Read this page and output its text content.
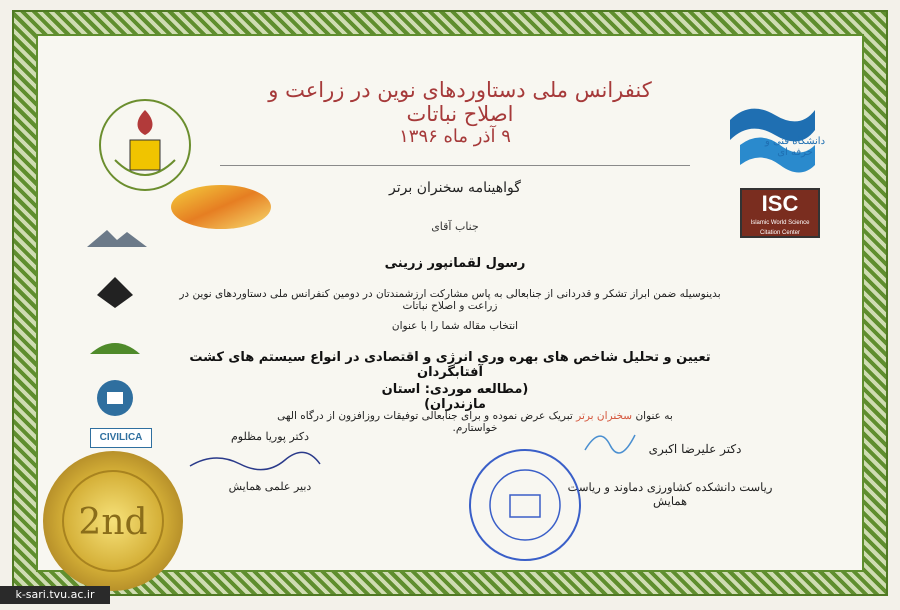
دانشگاه فنی و حرفه ای
کنفرانس ملی دستاوردهای نوین در زراعت و اصلاح نباتات
۹ آذر ماه ۱۳۹۶
ISC
Islamic World Science Citation Center
CIVILICA
گواهینامه سخنران برتر
جناب آقای
رسول لقمانپور زرینی
بدینوسیله ضمن ابراز تشکر و قدردانی از جنابعالی به پاس مشارکت ارزشمندتان در دومین کنفرانس ملی دستاوردهای نوین در زراعت و اصلاح نباتات
انتخاب مقاله شما را با عنوان
تعیین و تحلیل شاخص های بهره وری انرژی و اقتصادی در انواع سیستم های کشت آفتابگردان
(مطالعه موردی: استان مازندران)
به عنوان سخنران برتر تبریک عرض نموده و برای جنابعالی توفیقات روزافزون از درگاه الهی خواستارم.
دکتر پوریا مظلوم
دبیر علمی همایش
دکتر علیرضا اکبری
ریاست دانشکده کشاورزی دماوند و ریاست همایش
2nd
k-sari.tvu.ac.ir
